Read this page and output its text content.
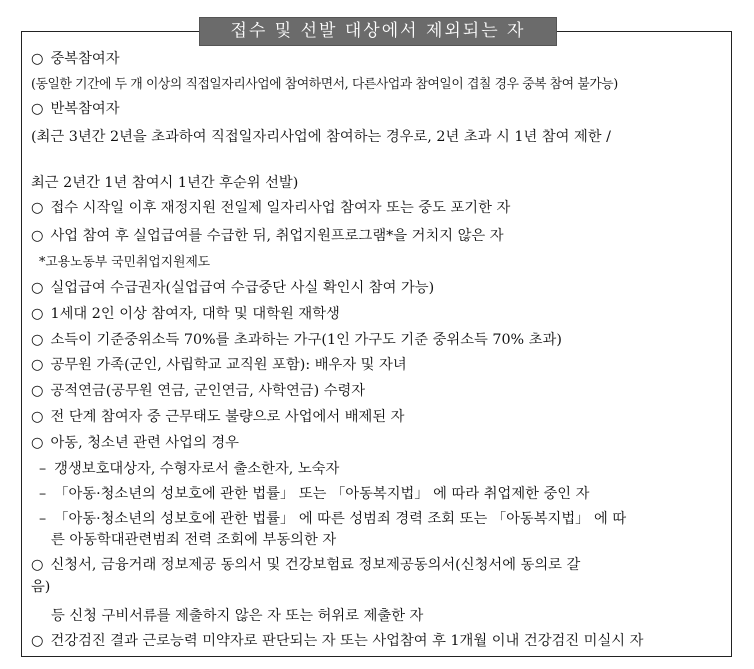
접수 및 선발 대상에서 제외되는 자
○ 중복참여자
(동일한 기간에 두 개 이상의 직접일자리사업에 참여하면서, 다른사업과 참여일이 겹칠 경우 중복 참여 불가능)
○ 반복참여자
(최근 3년간 2년을 초과하여 직접일자리사업에 참여하는 경우로, 2년 초과 시 1년 참여 제한 /
최근 2년간 1년 참여시 1년간 후순위 선발)
○ 접수 시작일 이후 재정지원 전일제 일자리사업 참여자 또는 중도 포기한 자
○ 사업 참여 후 실업급여를 수급한 뒤, 취업지원프로그램*을 거치지 않은 자
*고용노동부 국민취업지원제도
○ 실업급여 수급권자(실업급여 수급중단 사실 확인시 참여 가능)
○ 1세대 2인 이상 참여자, 대학 및 대학원 재학생
○ 소득이 기준중위소득 70%를 초과하는 가구(1인 가구도 기준 중위소득 70% 초과)
○ 공무원 가족(군인, 사립학교 교직원 포함): 배우자 및 자녀
○ 공적연금(공무원 연금, 군인연금, 사학연금) 수령자
○ 전 단계 참여자 중 근무태도 불량으로 사업에서 배제된 자
○ 아동, 청소년 관련 사업의 경우
– 갱생보호대상자, 수형자로서 출소한자, 노숙자
– 「아동·청소년의 성보호에 관한 법률」 또는 「아동복지법」 에 따라 취업제한 중인 자
– 「아동·청소년의 성보호에 관한 법률」 에 따른 성범죄 경력 조회 또는 「아동복지법」 에 따
른 아동학대관련범죄 전력 조회에 부동의한 자
○ 신청서, 금융거래 정보제공 동의서 및 건강보험료 정보제공동의서(신청서에 동의로 갈
음)
등 신청 구비서류를 제출하지 않은 자 또는 허위로 제출한 자
○ 건강검진 결과 근로능력 미약자로 판단되는 자 또는 사업참여 후 1개월 이내 건강검진 미실시 자
